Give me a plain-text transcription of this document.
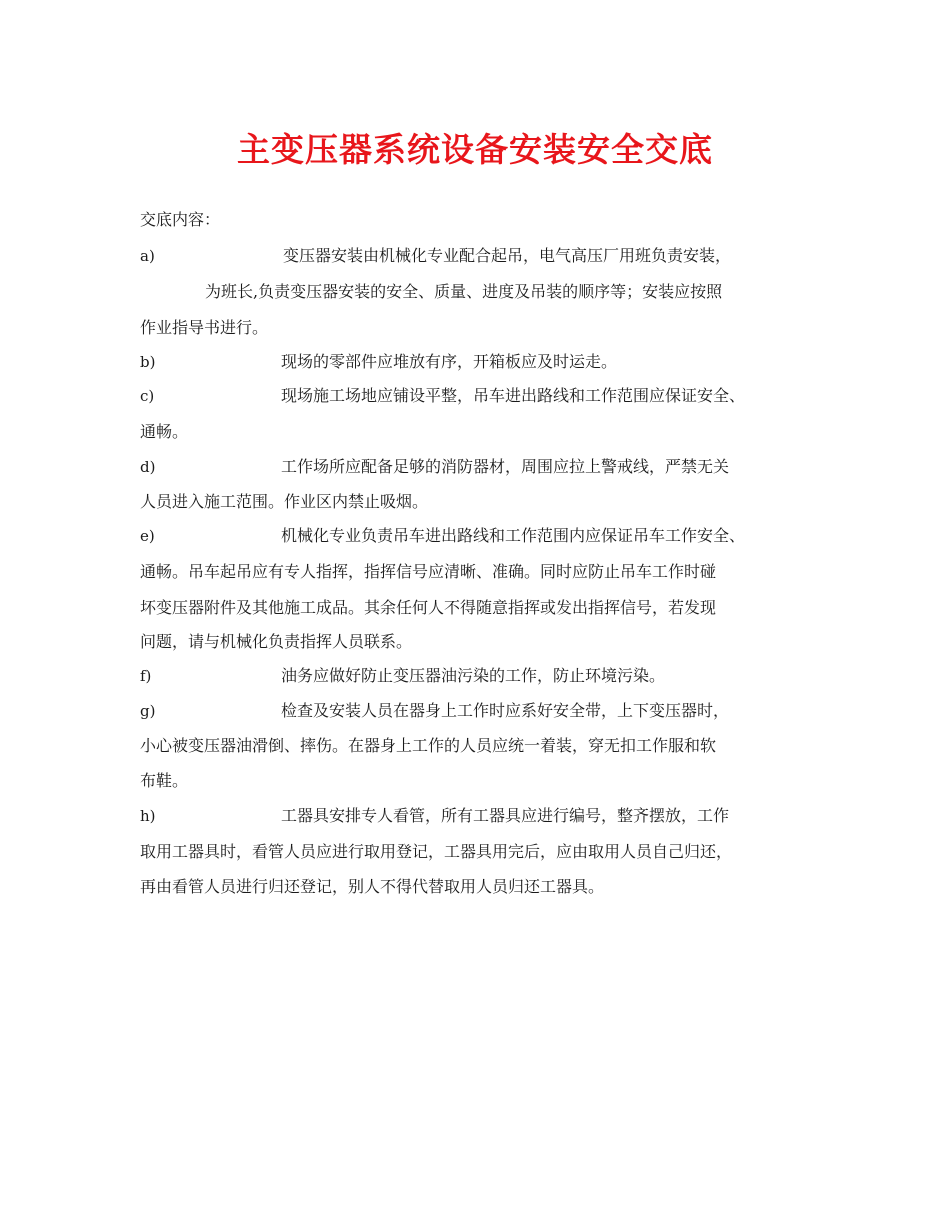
主变压器系统设备安装安全交底
交底内容：
a)	变压器安装由机械化专业配合起吊，电气高压厂用班负责安装，
为班长,负责变压器安装的安全、质量、进度及吊装的顺序等；安装应按照
作业指导书进行。
b)	现场的零部件应堆放有序，开箱板应及时运走。
c)	现场施工场地应铺设平整，吊车进出路线和工作范围应保证安全、
通畅。
d)	工作场所应配备足够的消防器材，周围应拉上警戒线，严禁无关
人员进入施工范围。作业区内禁止吸烟。
e)	机械化专业负责吊车进出路线和工作范围内应保证吊车工作安全、
通畅。吊车起吊应有专人指挥，指挥信号应清晰、准确。同时应防止吊车工作时碰
坏变压器附件及其他施工成品。其余任何人不得随意指挥或发出指挥信号，若发现
问题，请与机械化负责指挥人员联系。
f)	油务应做好防止变压器油污染的工作，防止环境污染。
g)	检查及安装人员在器身上工作时应系好安全带，上下变压器时，
小心被变压器油滑倒、摔伤。在器身上工作的人员应统一着装，穿无扣工作服和软
布鞋。
h)	工器具安排专人看管，所有工器具应进行编号，整齐摆放，工作
取用工器具时，看管人员应进行取用登记，工器具用完后，应由取用人员自己归还，
再由看管人员进行归还登记，别人不得代替取用人员归还工器具。
